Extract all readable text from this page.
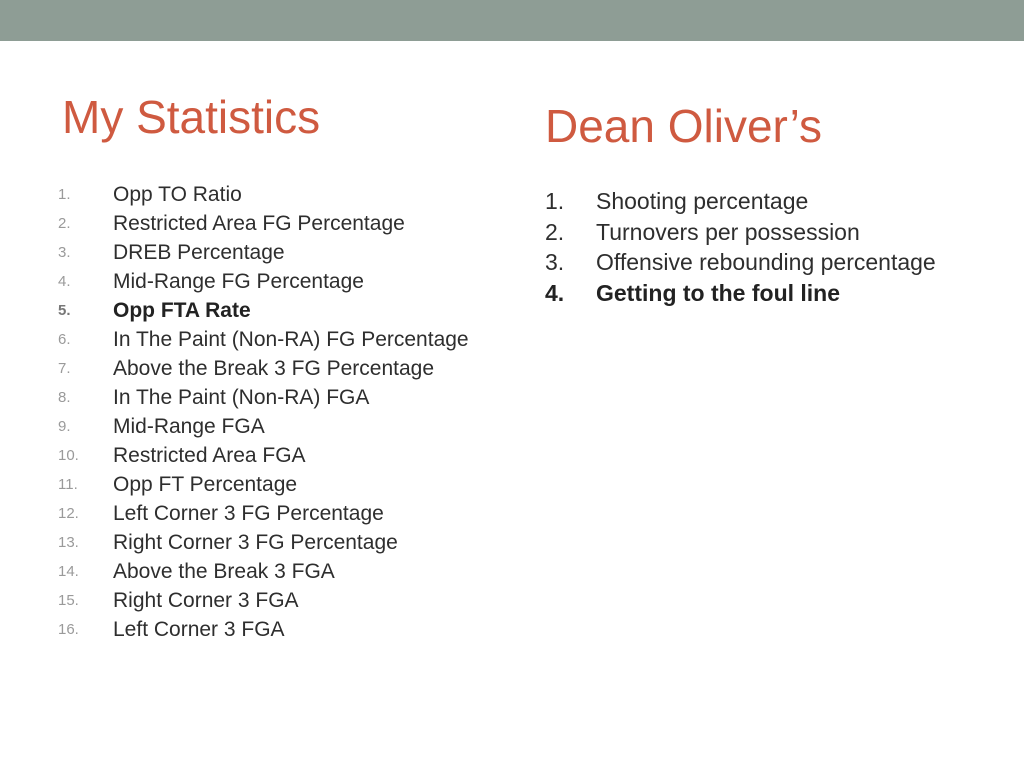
My Statistics	Dean Oliver’s
1.	Opp TO Ratio
2.	Restricted Area FG Percentage
3.	DREB Percentage
4.	Mid-Range FG Percentage
5.	Opp FTA Rate
6.	In The Paint (Non-RA) FG Percentage
7.	Above the Break 3 FG Percentage
8.	In The Paint (Non-RA) FGA
9.	Mid-Range FGA
10.	Restricted Area FGA
11.	Opp FT Percentage
12.	Left Corner 3 FG Percentage
13.	Right Corner 3 FG Percentage
14.	Above the Break 3 FGA
15.	Right Corner 3 FGA
16.	Left Corner 3 FGA
1.	Shooting percentage
2.	Turnovers per possession
3.	Offensive rebounding percentage
4.	Getting to the foul line
